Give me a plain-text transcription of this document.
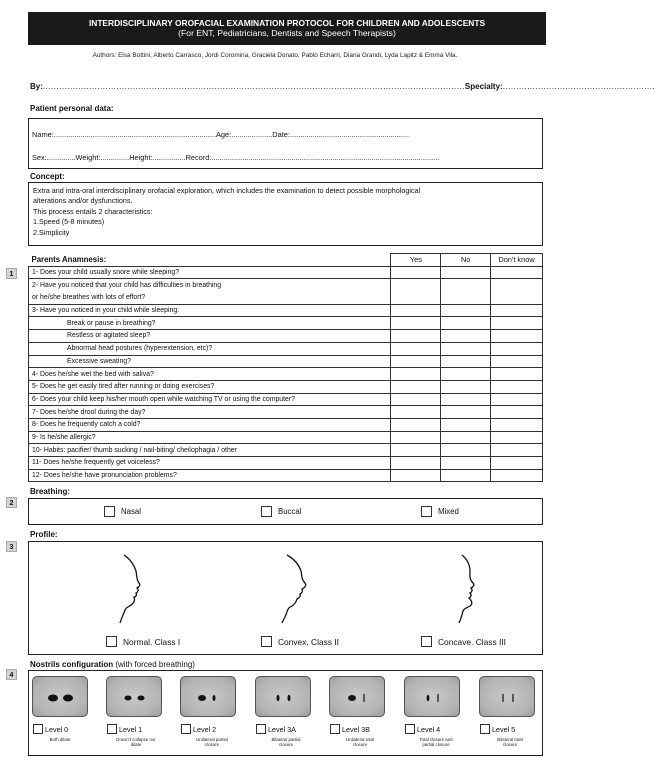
INTERDISCIPLINARY OROFACIAL EXAMINATION PROTOCOL FOR CHILDREN AND ADOLESCENTS
(For ENT, Pediatricians, Dentists and Speech Therapists)
Authors: Elsa Bottini, Alberto Carrasco, Jordi Coromina, Graciela Donato, Pablo Echarri, Diana Grandi, Lyda Lapitz & Emma Vila.
By: ........................................................................................................................................................... Specialty: ........................................................
Patient personal data:
Name:...............................................................................Age:....................Date:..........................................................
Sex:..............Weight:..............Height:................Record:...............................................................................................................
Concept:
Extra and intra-oral interdisciplinary orofacial exploration, which includes the examination to detect possible morphological
alterations and/or dysfunctions.
This process entails 2 characteristics:
1.Speed (5-8 minutes)
2.Simplicity
1
2
3
4
Parents Anamnesis:	Yes	No	Don't know
1- Does your child usually snore while sleeping?			
2- Have you noticed that your child has difficulties in breathing			
or he/she breathes with lots of effort?			
3- Have you noticed in your child while sleeping:			
Break or pause in breathing?			
Restless or agitated sleep?			
Abnormal head postures (hyperextension, etc)?			
Excessive sweating?			
4- Does he/she wet the bed with saliva?			
5- Does he get easily tired after running or doing exercises?			
6- Does your child keep his/her mouth open while watching TV or using the computer?			
7- Does he/she drool during the day?			
8- Does he frequently catch a cold?			
9- Is he/she allergic?			
10- Habits: pacifier/ thumb sucking / nail-biting/ cheilophagia / other			
11- Does he/she frequently get voiceless?			
12- Does he/she have pronunciation problems?			
Breathing:
Nasal	Buccal	Mixed
Profile:
Normal. Class I	Convex. Class II	Concave. Class III
Nostrils configuration (with forced breathing)
Level 0
Both dilate
Level 1
Doesn't collapse nor dilate
Level 2
Unilateral partial closure
Level 3A
Bilateral partial closure
Level 3B
Unilateral total closure
Level 4
Total closure and partial closure
Level 5
Bilateral total closure
